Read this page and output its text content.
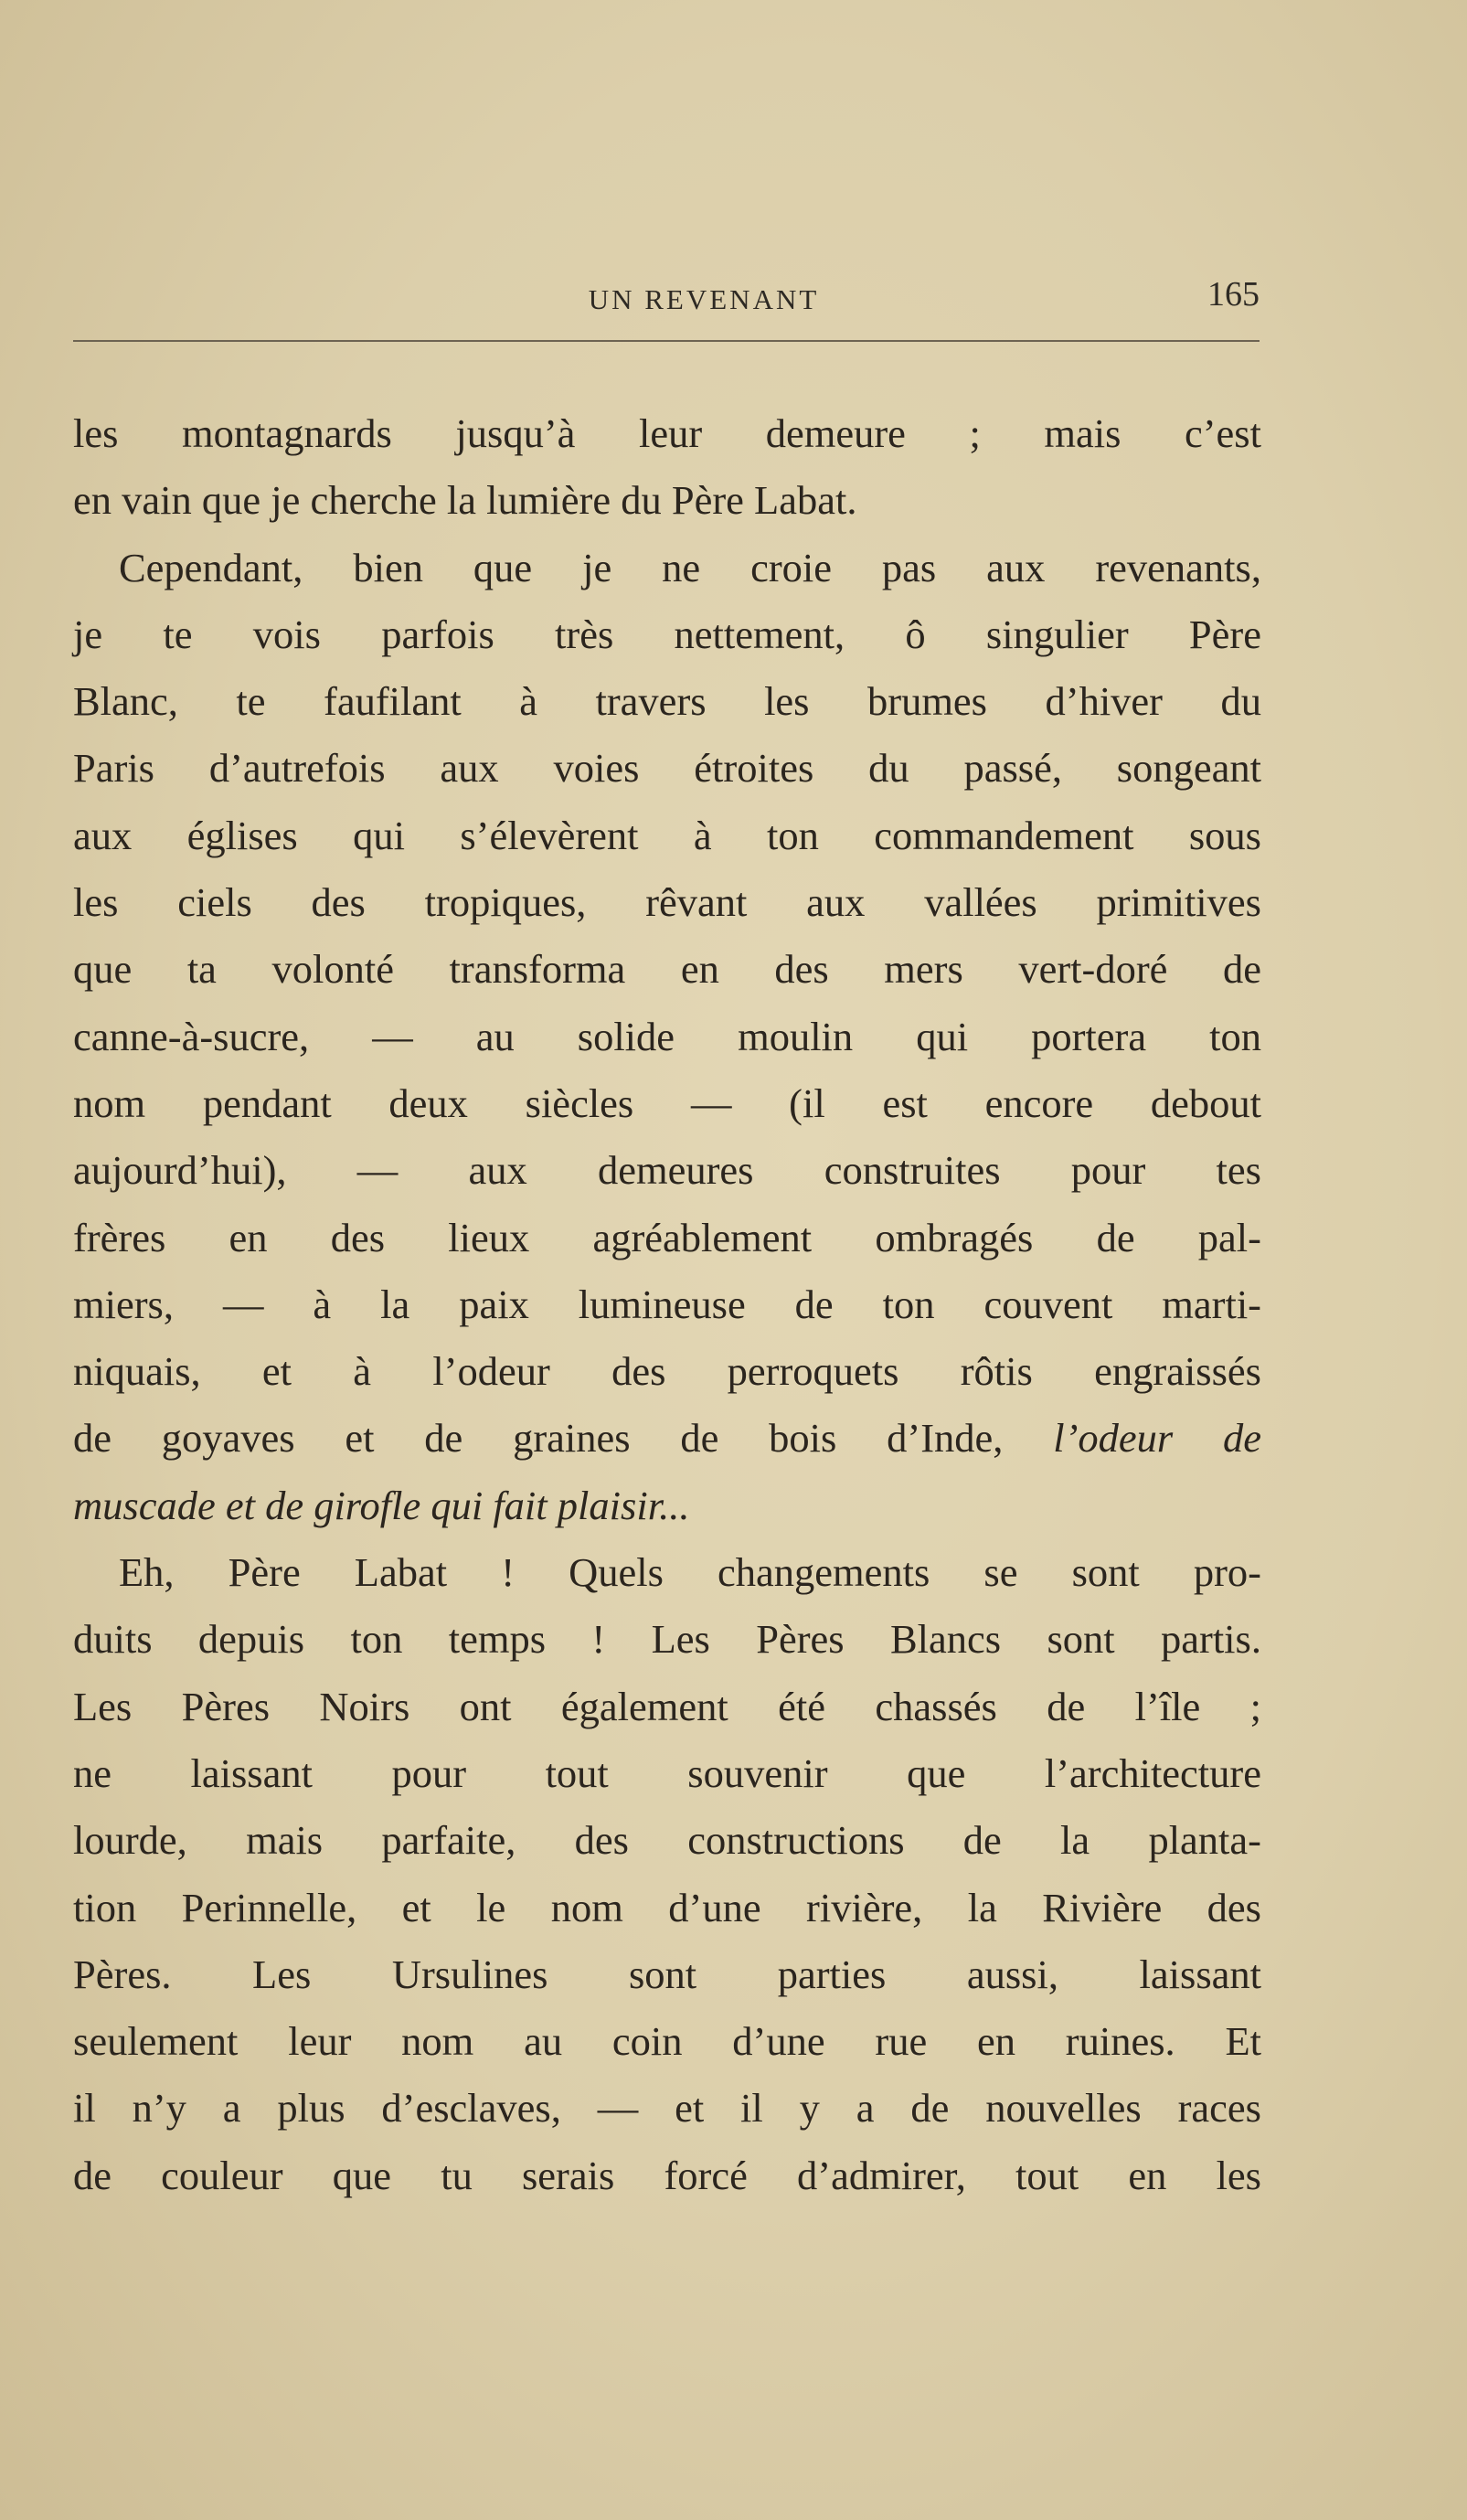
UN REVENANT	165
les montagnards jusqu’à leur demeure ; mais c’est
en vain que je cherche la lumière du Père Labat.
Cependant, bien que je ne croie pas aux revenants,
je te vois parfois très nettement, ô singulier Père
Blanc, te faufilant à travers les brumes d’hiver du
Paris d’autrefois aux voies étroites du passé, songeant
aux églises qui s’élevèrent à ton commandement sous
les ciels des tropiques, rêvant aux vallées primitives
que ta volonté transforma en des mers vert-doré de
canne-à-sucre, — au solide moulin qui portera ton
nom pendant deux siècles — (il est encore debout
aujourd’hui), — aux demeures construites pour tes
frères en des lieux agréablement ombragés de pal-
miers, — à la paix lumineuse de ton couvent marti-
niquais, et à l’odeur des perroquets rôtis engraissés
de goyaves et de graines de bois d’Inde, l’odeur de
muscade et de girofle qui fait plaisir...
Eh, Père Labat ! Quels changements se sont pro-
duits depuis ton temps ! Les Pères Blancs sont partis.
Les Pères Noirs ont également été chassés de l’île ;
ne laissant pour tout souvenir que l’architecture
lourde, mais parfaite, des constructions de la planta-
tion Perinnelle, et le nom d’une rivière, la Rivière des
Pères. Les Ursulines sont parties aussi, laissant
seulement leur nom au coin d’une rue en ruines. Et
il n’y a plus d’esclaves, — et il y a de nouvelles races
de couleur que tu serais forcé d’admirer, tout en les
